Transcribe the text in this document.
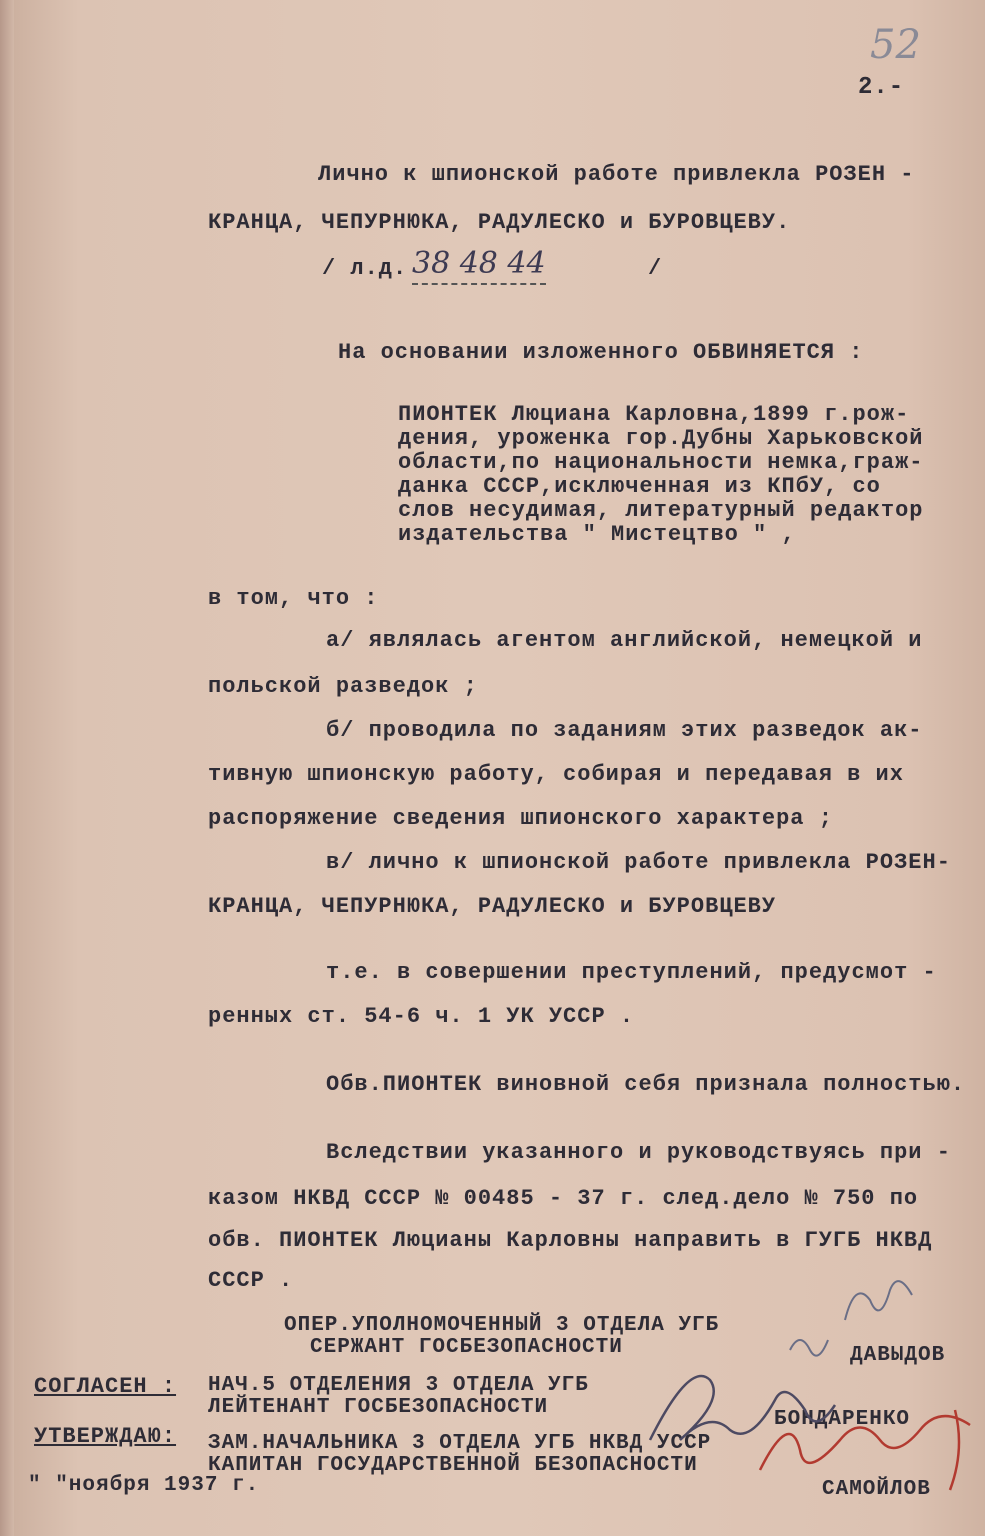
52
2.-
Лично к шпионской работе привлекла РОЗЕН -
КРАНЦА, ЧЕПУРНЮКА, РАДУЛЕСКО и БУРОВЦЕВУ.
/ л.д. 38 48 44	/
На основании изложенного ОБВИНЯЕТСЯ :
ПИОНТЕК Люциана Карловна,1899 г.рож-
дения, уроженка гор.Дубны Харьковской
области,по национальности немка,граж-
данка СССР,исключенная из КПбУ, со
слов несудимая, литературный редактор
издательства " Мистецтво " ,
в том, что :
а/ являлась агентом английской, немецкой и
польской разведок ;
б/ проводила по заданиям этих разведок ак-
тивную шпионскую работу, собирая и передавая в их
распоряжение сведения шпионского характера ;
в/ лично к шпионской работе привлекла РОЗЕН-
КРАНЦА, ЧЕПУРНЮКА, РАДУЛЕСКО и БУРОВЦЕВУ
т.е. в совершении преступлений, предусмот -
ренных ст. 54-6 ч. 1 УК УССР .
Обв.ПИОНТЕК виновной себя признала полностью.
Вследствии указанного и руководствуясь при -
казом НКВД СССР № 00485 - 37 г. след.дело № 750 по
обв. ПИОНТЕК Люцианы Карловны направить в ГУГБ НКВД
СССР .
ОПЕР.УПОЛНОМОЧЕННЫЙ 3 ОТДЕЛА УГБ
СЕРЖАНТ ГОСБЕЗОПАСНОСТИ	ДАВЫДОВ
СОГЛАСЕН : НАЧ.5 ОТДЕЛЕНИЯ 3 ОТДЕЛА УГБ
ЛЕЙТЕНАНТ ГОСБЕЗОПАСНОСТИ
БОНДАРЕНКО
УТВЕРЖДАЮ: ЗАМ.НАЧАЛЬНИКА 3 ОТДЕЛА УГБ НКВД УССР
КАПИТАН ГОСУДАРСТВЕННОЙ БЕЗОПАСНОСТИ
" "ноября 1937 г.	САМОЙЛОВ
